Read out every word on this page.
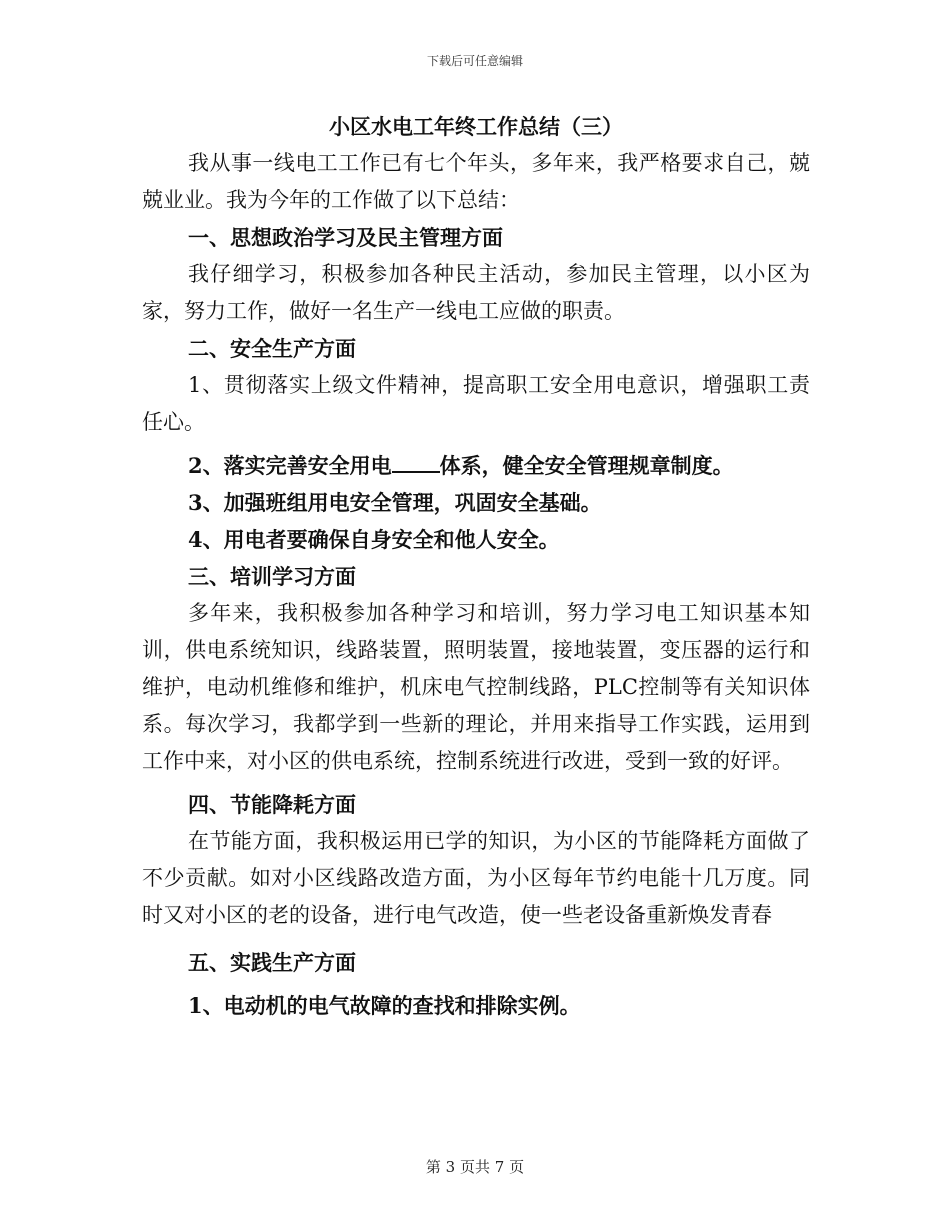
下载后可任意编辑
小区水电工年终工作总结（三）

我从事一线电工工作已有七个年头，多年来，我严格要求自己，兢兢业业。我为今年的工作做了以下总结：

一、思想政治学习及民主管理方面

我仔细学习，积极参加各种民主活动，参加民主管理，以小区为家，努力工作，做好一名生产一线电工应做的职责。

二、安全生产方面

1、贯彻落实上级文件精神，提高职工安全用电意识，增强职工责任心。

2、落实完善安全用电 体系，健全安全管理规章制度。

3、加强班组用电安全管理，巩固安全基础。

4、用电者要确保自身安全和他人安全。

三、培训学习方面

多年来，我积极参加各种学习和培训，努力学习电工知识基本知训，供电系统知识，线路装置，照明装置，接地装置，变压器的运行和维护，电动机维修和维护，机床电气控制线路，PLC控制等有关知识体系。每次学习，我都学到一些新的理论，并用来指导工作实践，运用到工作中来，对小区的供电系统，控制系统进行改进，受到一致的好评。

四、节能降耗方面

在节能方面，我积极运用已学的知识，为小区的节能降耗方面做了不少贡献。如对小区线路改造方面，为小区每年节约电能十几万度。同时又对小区的老的设备，进行电气改造，使一些老设备重新焕发青春

五、实践生产方面

1、电动机的电气故障的查找和排除实例。

第 3 页共 7 页
